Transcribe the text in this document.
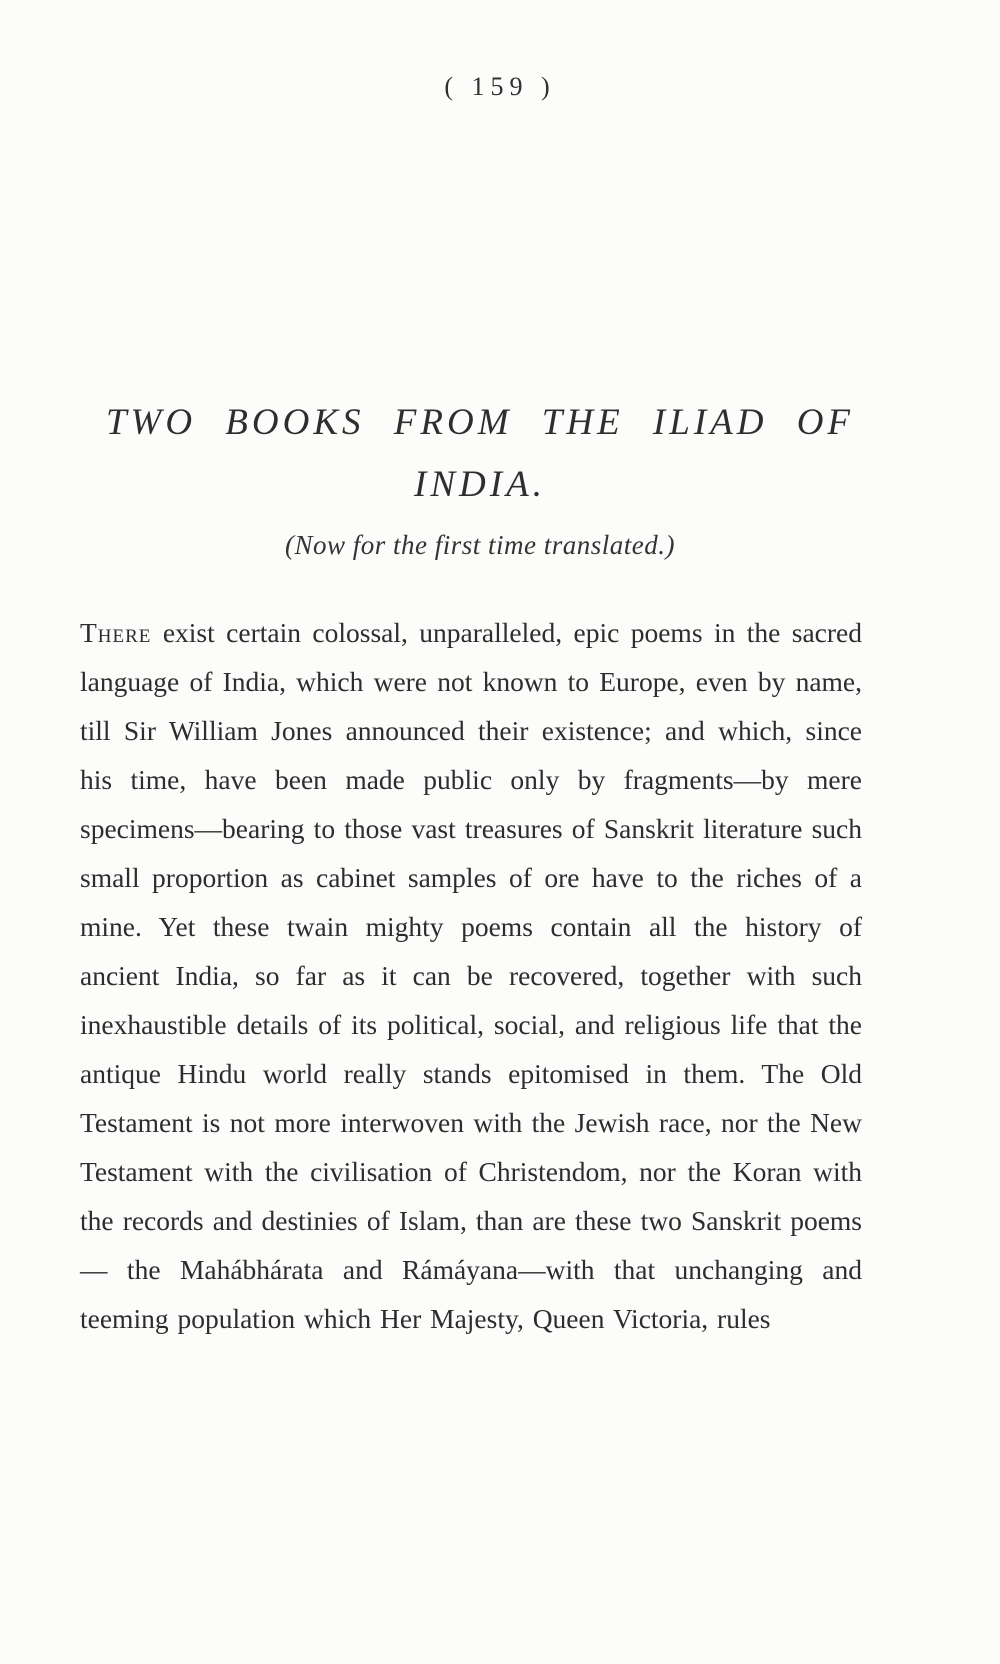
( 159 )
TWO BOOKS FROM THE ILIAD OF INDIA.
(Now for the first time translated.)
There exist certain colossal, unparalleled, epic poems in the sacred language of India, which were not known to Europe, even by name, till Sir William Jones announced their existence; and which, since his time, have been made public only by fragments—by mere specimens—bearing to those vast treasures of Sanskrit literature such small proportion as cabinet samples of ore have to the riches of a mine. Yet these twain mighty poems contain all the history of ancient India, so far as it can be recovered, together with such inexhaustible details of its political, social, and religious life that the antique Hindu world really stands epitomised in them. The Old Testament is not more interwoven with the Jewish race, nor the New Testament with the civilisation of Christendom, nor the Koran with the records and destinies of Islam, than are these two Sanskrit poems — the Mahábhárata and Rámáyana—with that unchanging and teeming population which Her Majesty, Queen Victoria, rules
